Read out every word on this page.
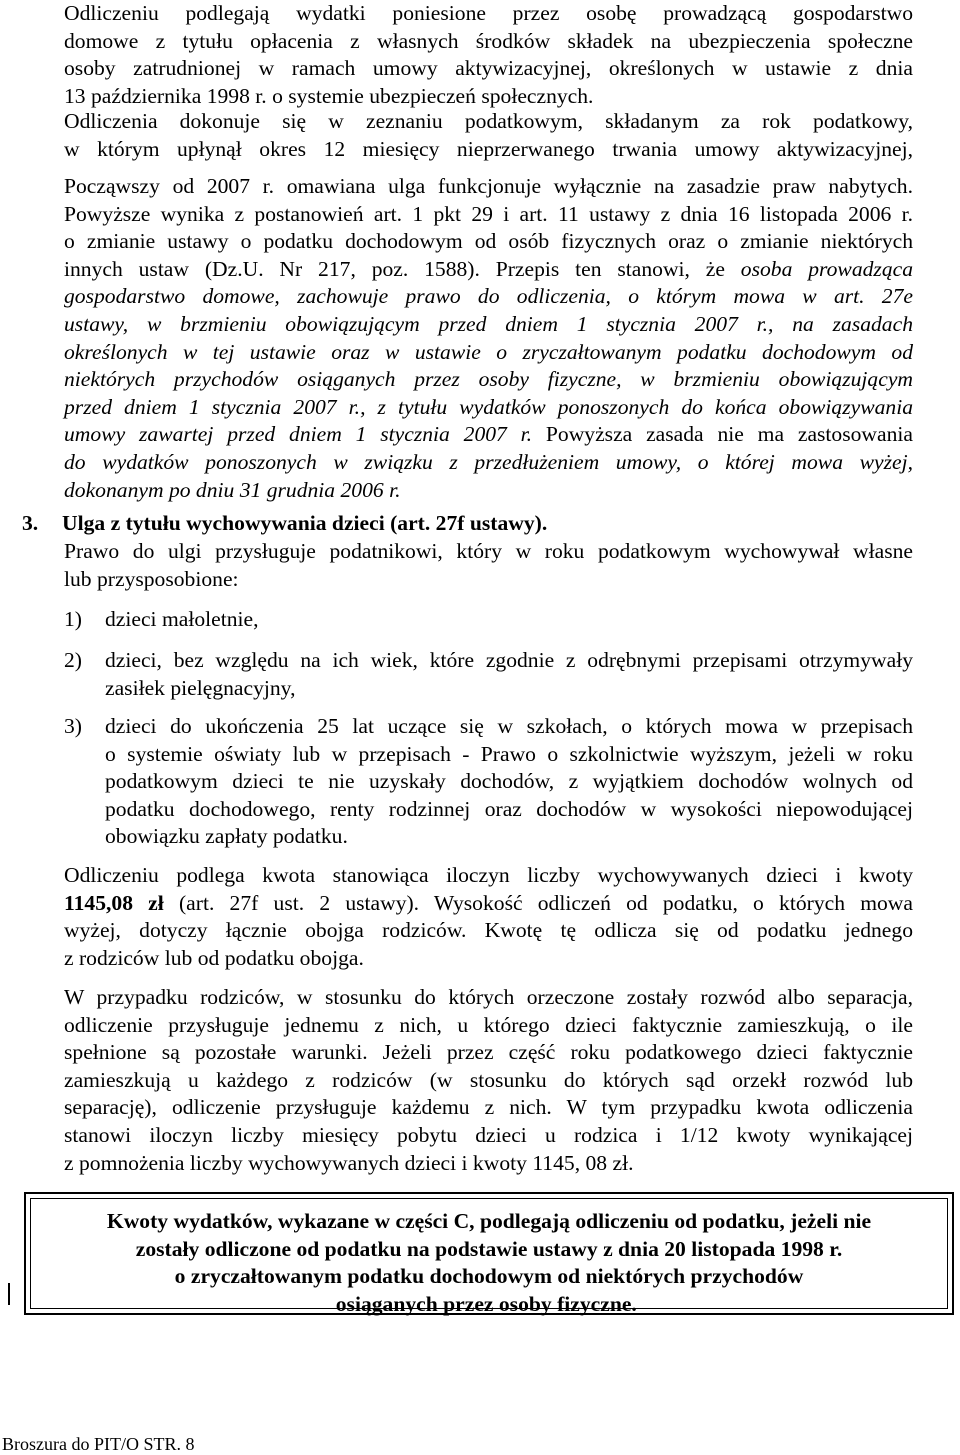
Odliczeniu podlegają wydatki poniesione przez osobę prowadzącą gospodarstwo
domowe z tytułu opłacenia z własnych środków składek na ubezpieczenia społeczne
osoby zatrudnionej w ramach umowy aktywizacyjnej, określonych w ustawie z dnia
13 października 1998 r. o systemie ubezpieczeń społecznych.
Odliczenia dokonuje się w zeznaniu podatkowym, składanym za rok podatkowy,
w którym upłynął okres 12 miesięcy nieprzerwanego trwania umowy aktywizacyjnej,
Począwszy od 2007 r. omawiana ulga funkcjonuje wyłącznie na zasadzie praw nabytych.
Powyższe wynika z postanowień art. 1 pkt 29 i art. 11 ustawy z dnia 16 listopada 2006 r.
o zmianie ustawy o podatku dochodowym od osób fizycznych oraz o zmianie niektórych
innych ustaw (Dz.U. Nr 217, poz. 1588). Przepis ten stanowi, że osoba prowadząca
gospodarstwo domowe, zachowuje prawo do odliczenia, o którym mowa w art. 27e
ustawy, w brzmieniu obowiązującym przed dniem 1 stycznia 2007 r., na zasadach
określonych w tej ustawie oraz w ustawie o zryczałtowanym podatku dochodowym od
niektórych przychodów osiąganych przez osoby fizyczne, w brzmieniu obowiązującym
przed dniem 1 stycznia 2007 r., z tytułu wydatków ponoszonych do końca obowiązywania
umowy zawartej przed dniem 1 stycznia 2007 r. Powyższa zasada nie ma zastosowania
do wydatków ponoszonych w związku z przedłużeniem umowy, o której mowa wyżej,
dokonanym po dniu 31 grudnia 2006 r.
3. Ulga z tytułu wychowywania dzieci (art. 27f ustawy).
Prawo do ulgi przysługuje podatnikowi, który w roku podatkowym wychowywał własne
lub przysposobione:
1) dzieci małoletnie,
2) dzieci, bez względu na ich wiek, które zgodnie z odrębnymi przepisami otrzymywały
zasiłek pielęgnacyjny,
3) dzieci do ukończenia 25 lat uczące się w szkołach, o których mowa w przepisach
o systemie oświaty lub w przepisach - Prawo o szkolnictwie wyższym, jeżeli w roku
podatkowym dzieci te nie uzyskały dochodów, z wyjątkiem dochodów wolnych od
podatku dochodowego, renty rodzinnej oraz dochodów w wysokości niepowodującej
obowiązku zapłaty podatku.
Odliczeniu podlega kwota stanowiąca iloczyn liczby wychowywanych dzieci i kwoty
1145,08 zł (art. 27f ust. 2 ustawy). Wysokość odliczeń od podatku, o których mowa
wyżej, dotyczy łącznie obojga rodziców. Kwotę tę odlicza się od podatku jednego
z rodziców lub od podatku obojga.
W przypadku rodziców, w stosunku do których orzeczone zostały rozwód albo separacja,
odliczenie przysługuje jednemu z nich, u którego dzieci faktycznie zamieszkują, o ile
spełnione są pozostałe warunki. Jeżeli przez część roku podatkowego dzieci faktycznie
zamieszkują u każdego z rodziców (w stosunku do których sąd orzekł rozwód lub
separację), odliczenie przysługuje każdemu z nich. W tym przypadku kwota odliczenia
stanowi iloczyn liczby miesięcy pobytu dzieci u rodzica i 1/12 kwoty wynikającej
z pomnożenia liczby wychowywanych dzieci i kwoty 1145, 08 zł.
Kwoty wydatków, wykazane w części C, podlegają odliczeniu od podatku, jeżeli nie
zostały odliczone od podatku na podstawie ustawy z dnia 20 listopada 1998 r.
o zryczałtowanym podatku dochodowym od niektórych przychodów
osiąganych przez osoby fizyczne.
Broszura do PIT/O STR. 8
